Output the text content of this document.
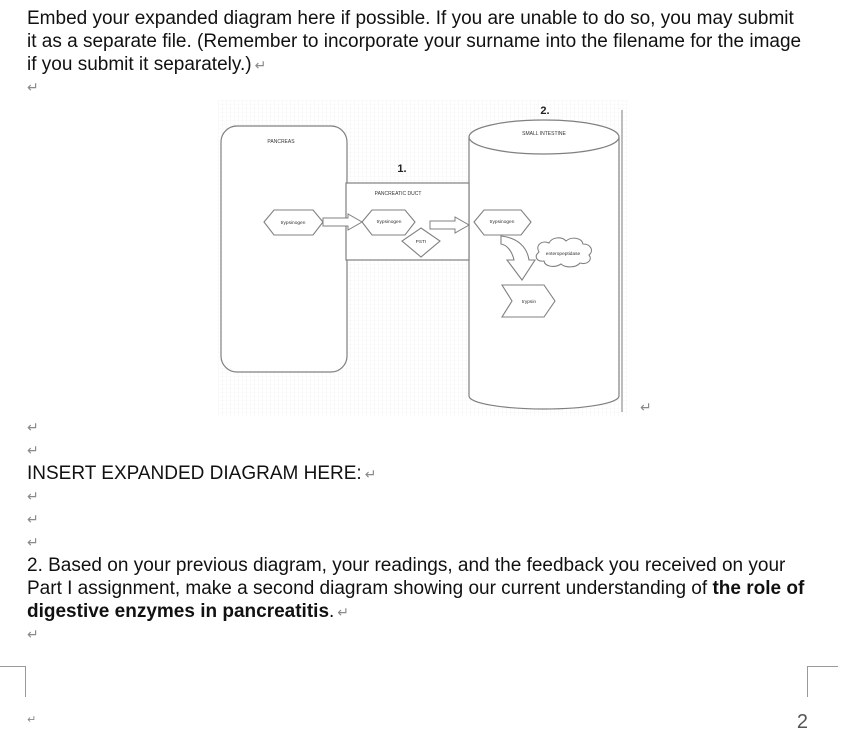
Embed your expanded diagram here if possible. If you are unable to do so, you may submit it as a separate file. (Remember to incorporate your surname into the filename for the image if you submit it separately.) ↵

↵
PANCREAS
SMALL INTESTINE
2.
PANCREATIC DUCT
1.
trypsinogen	trypsinogen
PSTI
trypsinogen
enteropeptidase
trypsin
↵
↵
↵

INSERT EXPANDED DIAGRAM HERE: ↵

↵
↵
↵

2. Based on your previous diagram, your readings, and the feedback you received on your Part I assignment, make a second diagram showing our current understanding of the role of digestive enzymes in pancreatitis. ↵

↵
↵	2
